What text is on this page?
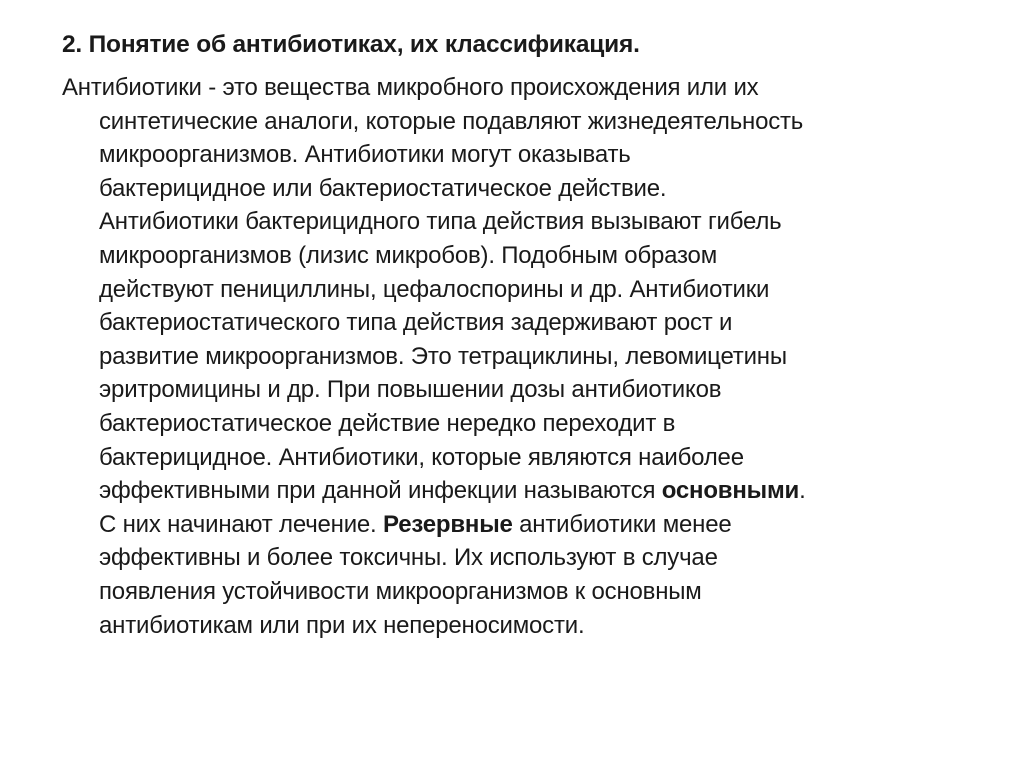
2. Понятие об антибиотиках, их классификация.
Антибиотики - это вещества микробного происхождения или их
синтетические аналоги, которые подавляют жизнедеятельность
микроорганизмов. Антибиотики могут оказывать
бактерицидное или бактериостатическое действие.
Антибиотики бактерицидного типа действия вызывают гибель
микроорганизмов (лизис микробов). Подобным образом
действуют пенициллины, цефалоспорины и др. Антибиотики
бактериостатического типа действия задерживают рост и
развитие микроорганизмов. Это тетрациклины, левомицетины
эритромицины и др. При повышении дозы антибиотиков
бактериостатическое действие нередко переходит в
бактерицидное. Антибиотики, которые являются наиболее
эффективными при данной инфекции называются основными.
С них начинают лечение. Резервные антибиотики менее
эффективны и более токсичны. Их используют в случае
появления устойчивости микроорганизмов к основным
антибиотикам или при их непереносимости.
